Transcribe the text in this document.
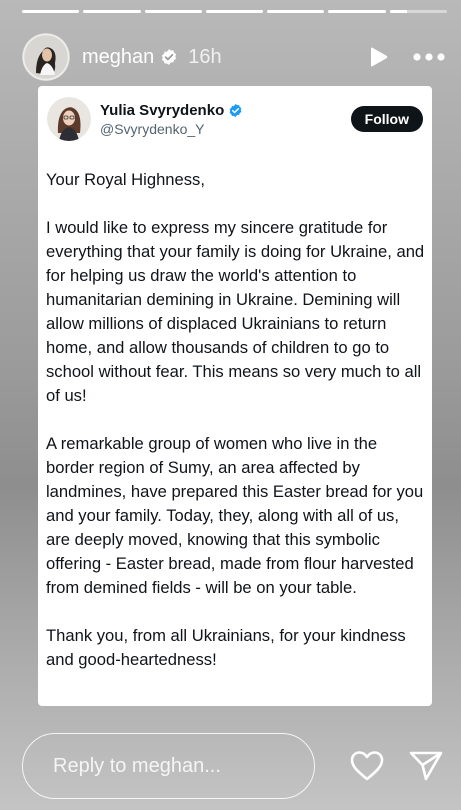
meghan 16h
Yulia Svyrydenko
@Svyrydenko_Y
Follow

Your Royal Highness,

I would like to express my sincere gratitude for everything that your family is doing for Ukraine, and for helping us draw the world's attention to humanitarian demining in Ukraine. Demining will allow millions of displaced Ukrainians to return home, and allow thousands of children to go to school without fear. This means so very much to all of us!

A remarkable group of women who live in the border region of Sumy, an area affected by landmines, have prepared this Easter bread for you and your family. Today, they, along with all of us, are deeply moved, knowing that this symbolic offering - Easter bread, made from flour harvested from demined fields - will be on your table.

Thank you, from all Ukrainians, for your kindness and good-heartedness!

Reply to meghan...
